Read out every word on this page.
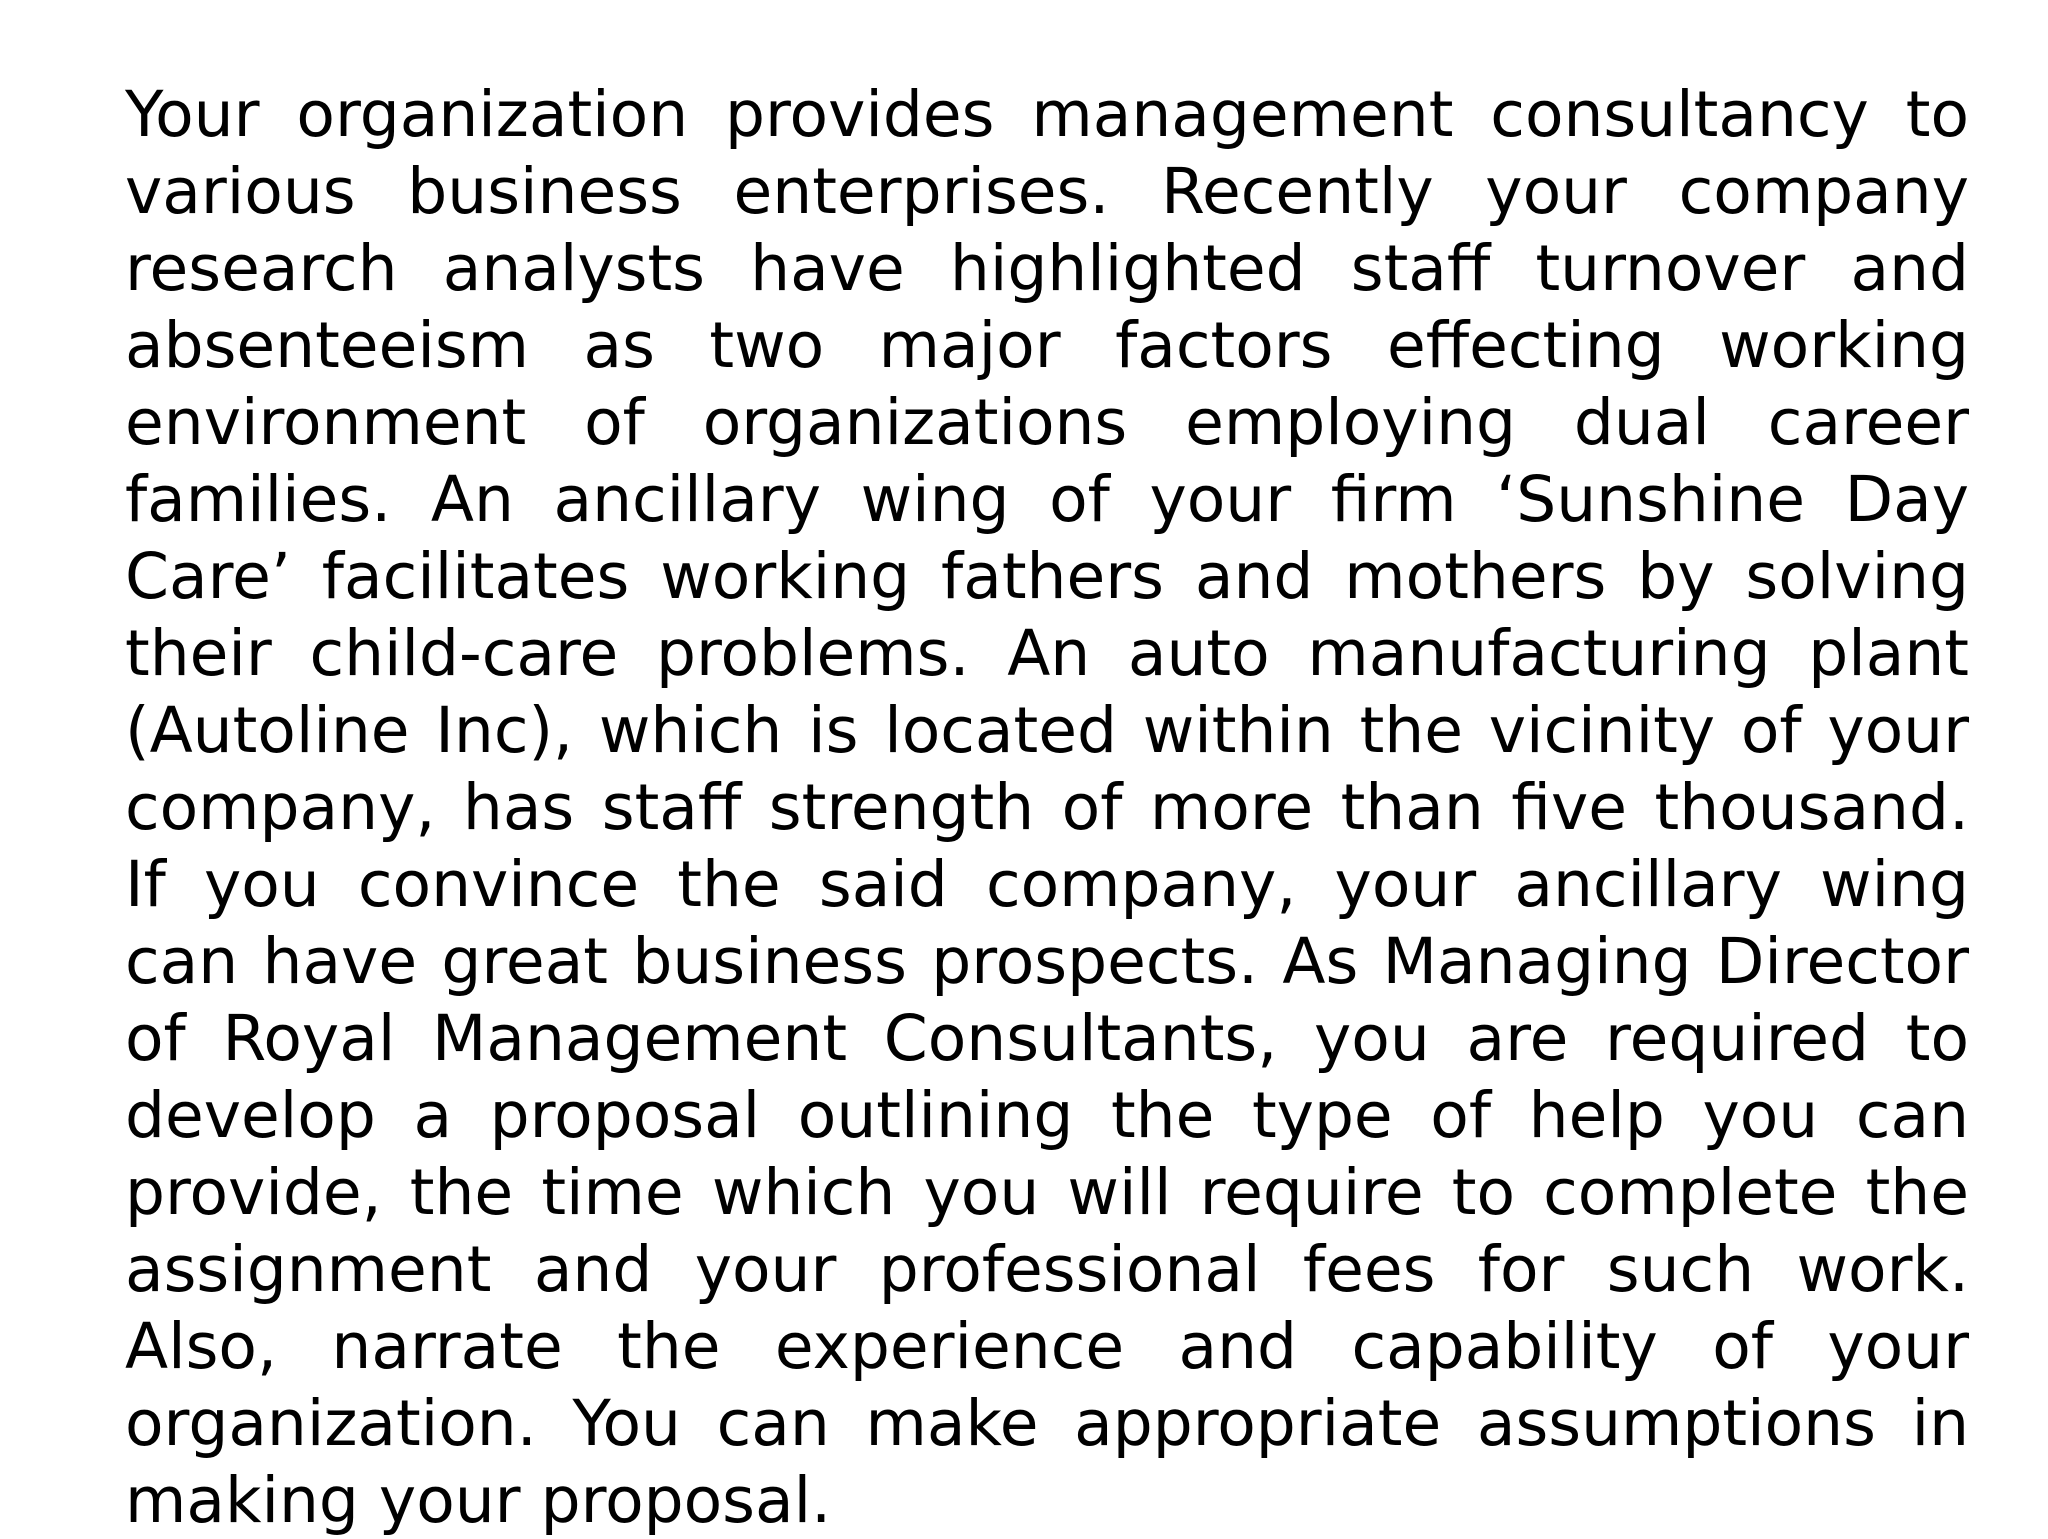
Your organization provides management consultancy to
various business enterprises. Recently your company
research analysts have highlighted staff turnover and
absenteeism as two major factors effecting working
environment of organizations employing dual career
families. An ancillary wing of your firm ‘Sunshine Day
Care’ facilitates working fathers and mothers by solving
their child-care problems. An auto manufacturing plant
(Autoline Inc), which is located within the vicinity of your
company, has staff strength of more than five thousand.
If you convince the said company, your ancillary wing
can have great business prospects. As Managing Director
of Royal Management Consultants, you are required to
develop a proposal outlining the type of help you can
provide, the time which you will require to complete the
assignment and your professional fees for such work.
Also, narrate the experience and capability of your
organization. You can make appropriate assumptions in
making your proposal.
